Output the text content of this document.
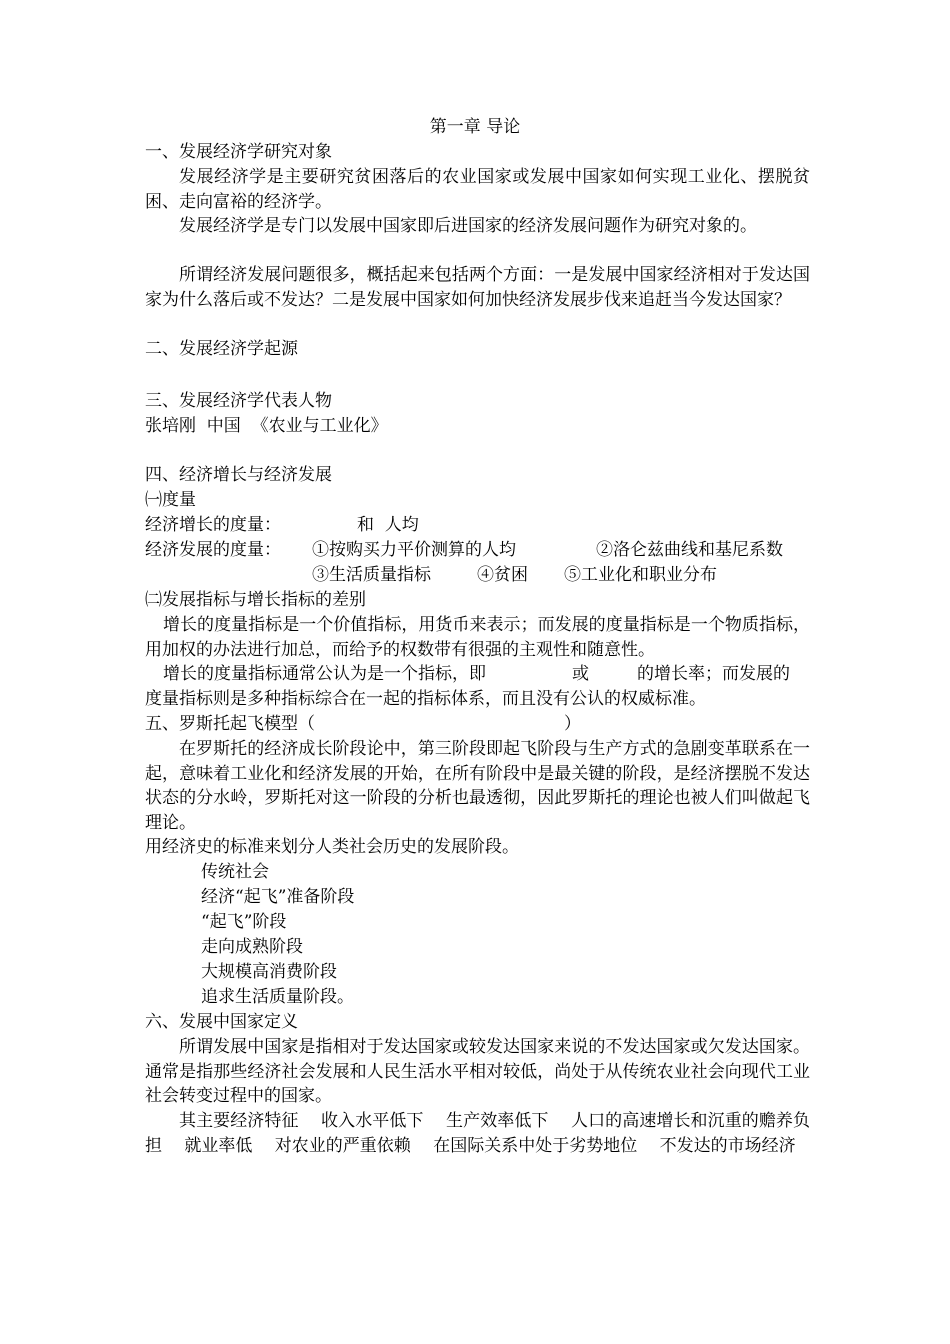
第一章 导论
一、发展经济学研究对象

发展经济学是主要研究贫困落后的农业国家或发展中国家如何实现工业化、摆脱贫困、走向富裕的经济学。

发展经济学是专门以发展中国家即后进国家的经济发展问题作为研究对象的。

所谓经济发展问题很多，概括起来包括两个方面：一是发展中国家经济相对于发达国家为什么落后或不发达？二是发展中国家如何加快经济发展步伐来追赶当今发达国家？

二、发展经济学起源
三、发展经济学代表人物
张培刚  中国  《农业与工业化》
四、经济增长与经济发展
㈠度量
经济增长的度量：	和  人均
经济发展的度量： ①按购买力平价测算的人均	②洛仑兹曲线和基尼系数
③生活质量指标	④贫困 ⑤工业化和职业分布
㈡发展指标与增长指标的差别

增长的度量指标是一个价值指标，用货币来表示；而发展的度量指标是一个物质指标，用加权的办法进行加总，而给予的权数带有很强的主观性和随意性。

增长的度量指标通常公认为是一个指标，即	或	的增长率；而发展的
度量指标则是多种指标综合在一起的指标体系，而且没有公认的权威标准。
五、罗斯托起飞模型（	）

在罗斯托的经济成长阶段论中，第三阶段即起飞阶段与生产方式的急剧变革联系在一起，意味着工业化和经济发展的开始，在所有阶段中是最关键的阶段，是经济摆脱不发达状态的分水岭，罗斯托对这一阶段的分析也最透彻，因此罗斯托的理论也被人们叫做起飞理论。

用经济史的标准来划分人类社会历史的发展阶段。
传统社会
经济“起飞”准备阶段
“起飞”阶段
走向成熟阶段
大规模高消费阶段
追求生活质量阶段。
六、发展中国家定义

所谓发展中国家是指相对于发达国家或较发达国家来说的不发达国家或欠发达国家。通常是指那些经济社会发展和人民生活水平相对较低，尚处于从传统农业社会向现代工业社会转变过程中的国家。

其主要经济特征　 收入水平低下　 生产效率低下　 人口的高速增长和沉重的赡养负担　 就业率低　 对农业的严重依赖　 在国际关系中处于劣势地位　 不发达的市场经济
